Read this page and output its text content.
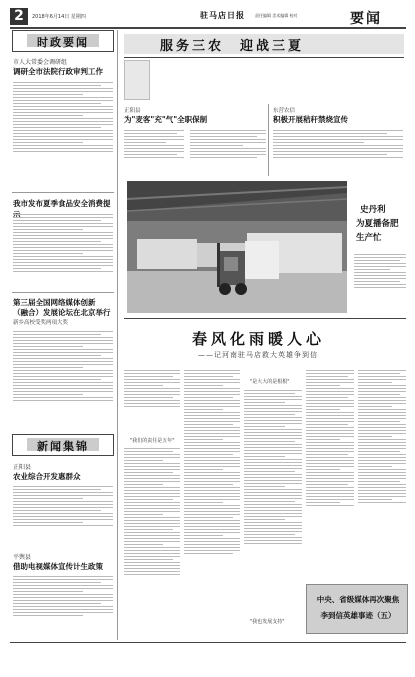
2	2018年6月14日 星期四	驻马店日报	责任编辑 美术编辑 校对	要闻
时政要闻
市人大常委会调研组
调研全市法院行政审判工作
我市发布夏季食品安全消费提
第三届全国网络媒体创新
（融合）发展论坛在北京举行
新乡高校受奖两项大奖
新闻集锦
正阳县
农业综合开发惠群众
平舆县
借助电视媒体宣传计生政策
服务三农　迎战三夏
正阳县
为"麦客"充"气"全职保制
东营农信
积极开展秸秆禁烧宣传
史丹利
为夏播备肥
生产忙
春风化雨暖人心
——记河南驻马店救大英雄争到信
"我们的责任是五年"
"是大大的是根根"
"我也发展支持"
中央、省级媒体再次聚焦
李到信英雄事迹（五）
